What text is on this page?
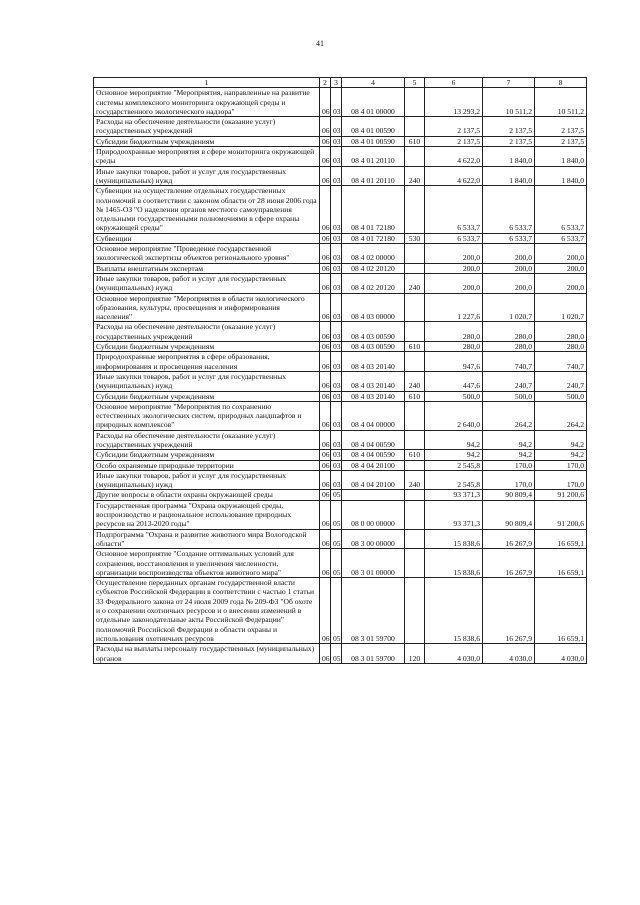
41
1	2	3	4	5	6	7	8
Основное мероприятие "Мероприятия, направленные на развитие системы комплексного мониторинга окружающей среды и государственного экологического надзора"	06	03	08 4 01 00000		13 293,2	10 511,2	10 511,2
Расходы на обеспечение деятельности (оказание услуг) государственных учреждений	06	03	08 4 01 00590		2 137,5	2 137,5	2 137,5
Субсидии бюджетным учреждениям	06	03	08 4 01 00590	610	2 137,5	2 137,5	2 137,5
Природоохранные мероприятия в сфере мониторинга окружающей среды	06	03	08 4 01 20110		4 622,0	1 840,0	1 840,0
Иные закупки товаров, работ и услуг для государственных (муниципальных) нужд	06	03	08 4 01 20110	240	4 622,0	1 840,0	1 840,0
Субвенции на осуществление отдельных государственных полномочий в соответствии с законом области от 28 июня 2006 года № 1465-ОЗ "О наделении органов местного самоуправления отдельными государственными полномочиями в сфере охраны окружающей среды"	06	03	08 4 01 72180		6 533,7	6 533,7	6 533,7
Субвенции	06	03	08 4 01 72180	530	6 533,7	6 533,7	6 533,7
Основное мероприятие "Проведение государственной экологической экспертизы объектов регионального уровня"	06	03	08 4 02 00000		200,0	200,0	200,0
Выплаты внештатным экспертам	06	03	08 4 02 20120		200,0	200,0	200,0
Иные закупки товаров, работ и услуг для государственных (муниципальных) нужд	06	03	08 4 02 20120	240	200,0	200,0	200,0
Основное мероприятие "Мероприятия в области экологического образования, культуры, просвещения и информирования населения"	06	03	08 4 03 00000		1 227,6	1 020,7	1 020,7
Расходы на обеспечение деятельности (оказание услуг) государственных учреждений	06	03	08 4 03 00590		280,0	280,0	280,0
Субсидии бюджетным учреждениям	06	03	08 4 03 00590	610	280,0	280,0	280,0
Природоохранные мероприятия в сфере образования, информирования и просвещения населения	06	03	08 4 03 20140		947,6	740,7	740,7
Иные закупки товаров, работ и услуг для государственных (муниципальных) нужд	06	03	08 4 03 20140	240	447,6	240,7	240,7
Субсидии бюджетным учреждениям	06	03	08 4 03 20140	610	500,0	500,0	500,0
Основное мероприятие "Мероприятия по сохранению естественных экологических систем, природных ландшафтов и природных комплексов"	06	03	08 4 04 00000		2 640,0	264,2	264,2
Расходы на обеспечение деятельности (оказание услуг) государственных учреждений	06	03	08 4 04 00590		94,2	94,2	94,2
Субсидии бюджетным учреждениям	06	03	08 4 04 00590	610	94,2	94,2	94,2
Особо охраняемые природные территории	06	03	08 4 04 20100		2 545,8	170,0	170,0
Иные закупки товаров, работ и услуг для государственных (муниципальных) нужд	06	03	08 4 04 20100	240	2 545,8	170,0	170,0
Другие вопросы в области охраны окружающей среды	06	05			93 371,3	90 809,4	91 200,6
Государственная программа "Охрана окружающей среды, воспроизводство и рациональное использование природных ресурсов на 2013-2020 годы"	06	05	08 0 00 00000		93 371,3	90 809,4	91 200,6
Подпрограмма "Охрана и развитие животного мира Вологодской области"	06	05	08 3 00 00000		15 838,6	16 267,9	16 659,1
Основное мероприятие "Создание оптимальных условий для сохранения, восстановления и увеличения численности, организации воспроизводства объектов животного мира"	06	05	08 3 01 00000		15 838,6	16 267,9	16 659,1
Осуществление переданных органам государственной власти субъектов Российской Федерации в соответствии с частью 1 статьи 33 Федерального закона от 24 июля 2009 года № 209-ФЗ "Об охоте и о сохранении охотничьих ресурсов и о внесении изменений в отдельные законодательные акты Российской Федерации" полномочий Российской Федерации в области охраны и использования охотничьих ресурсов	06	05	08 3 01 59700		15 838,6	16 267,9	16 659,1
Расходы на выплаты персоналу государственных (муниципальных) органов	06	05	08 3 01 59700	120	4 030,0	4 030,0	4 030,0
